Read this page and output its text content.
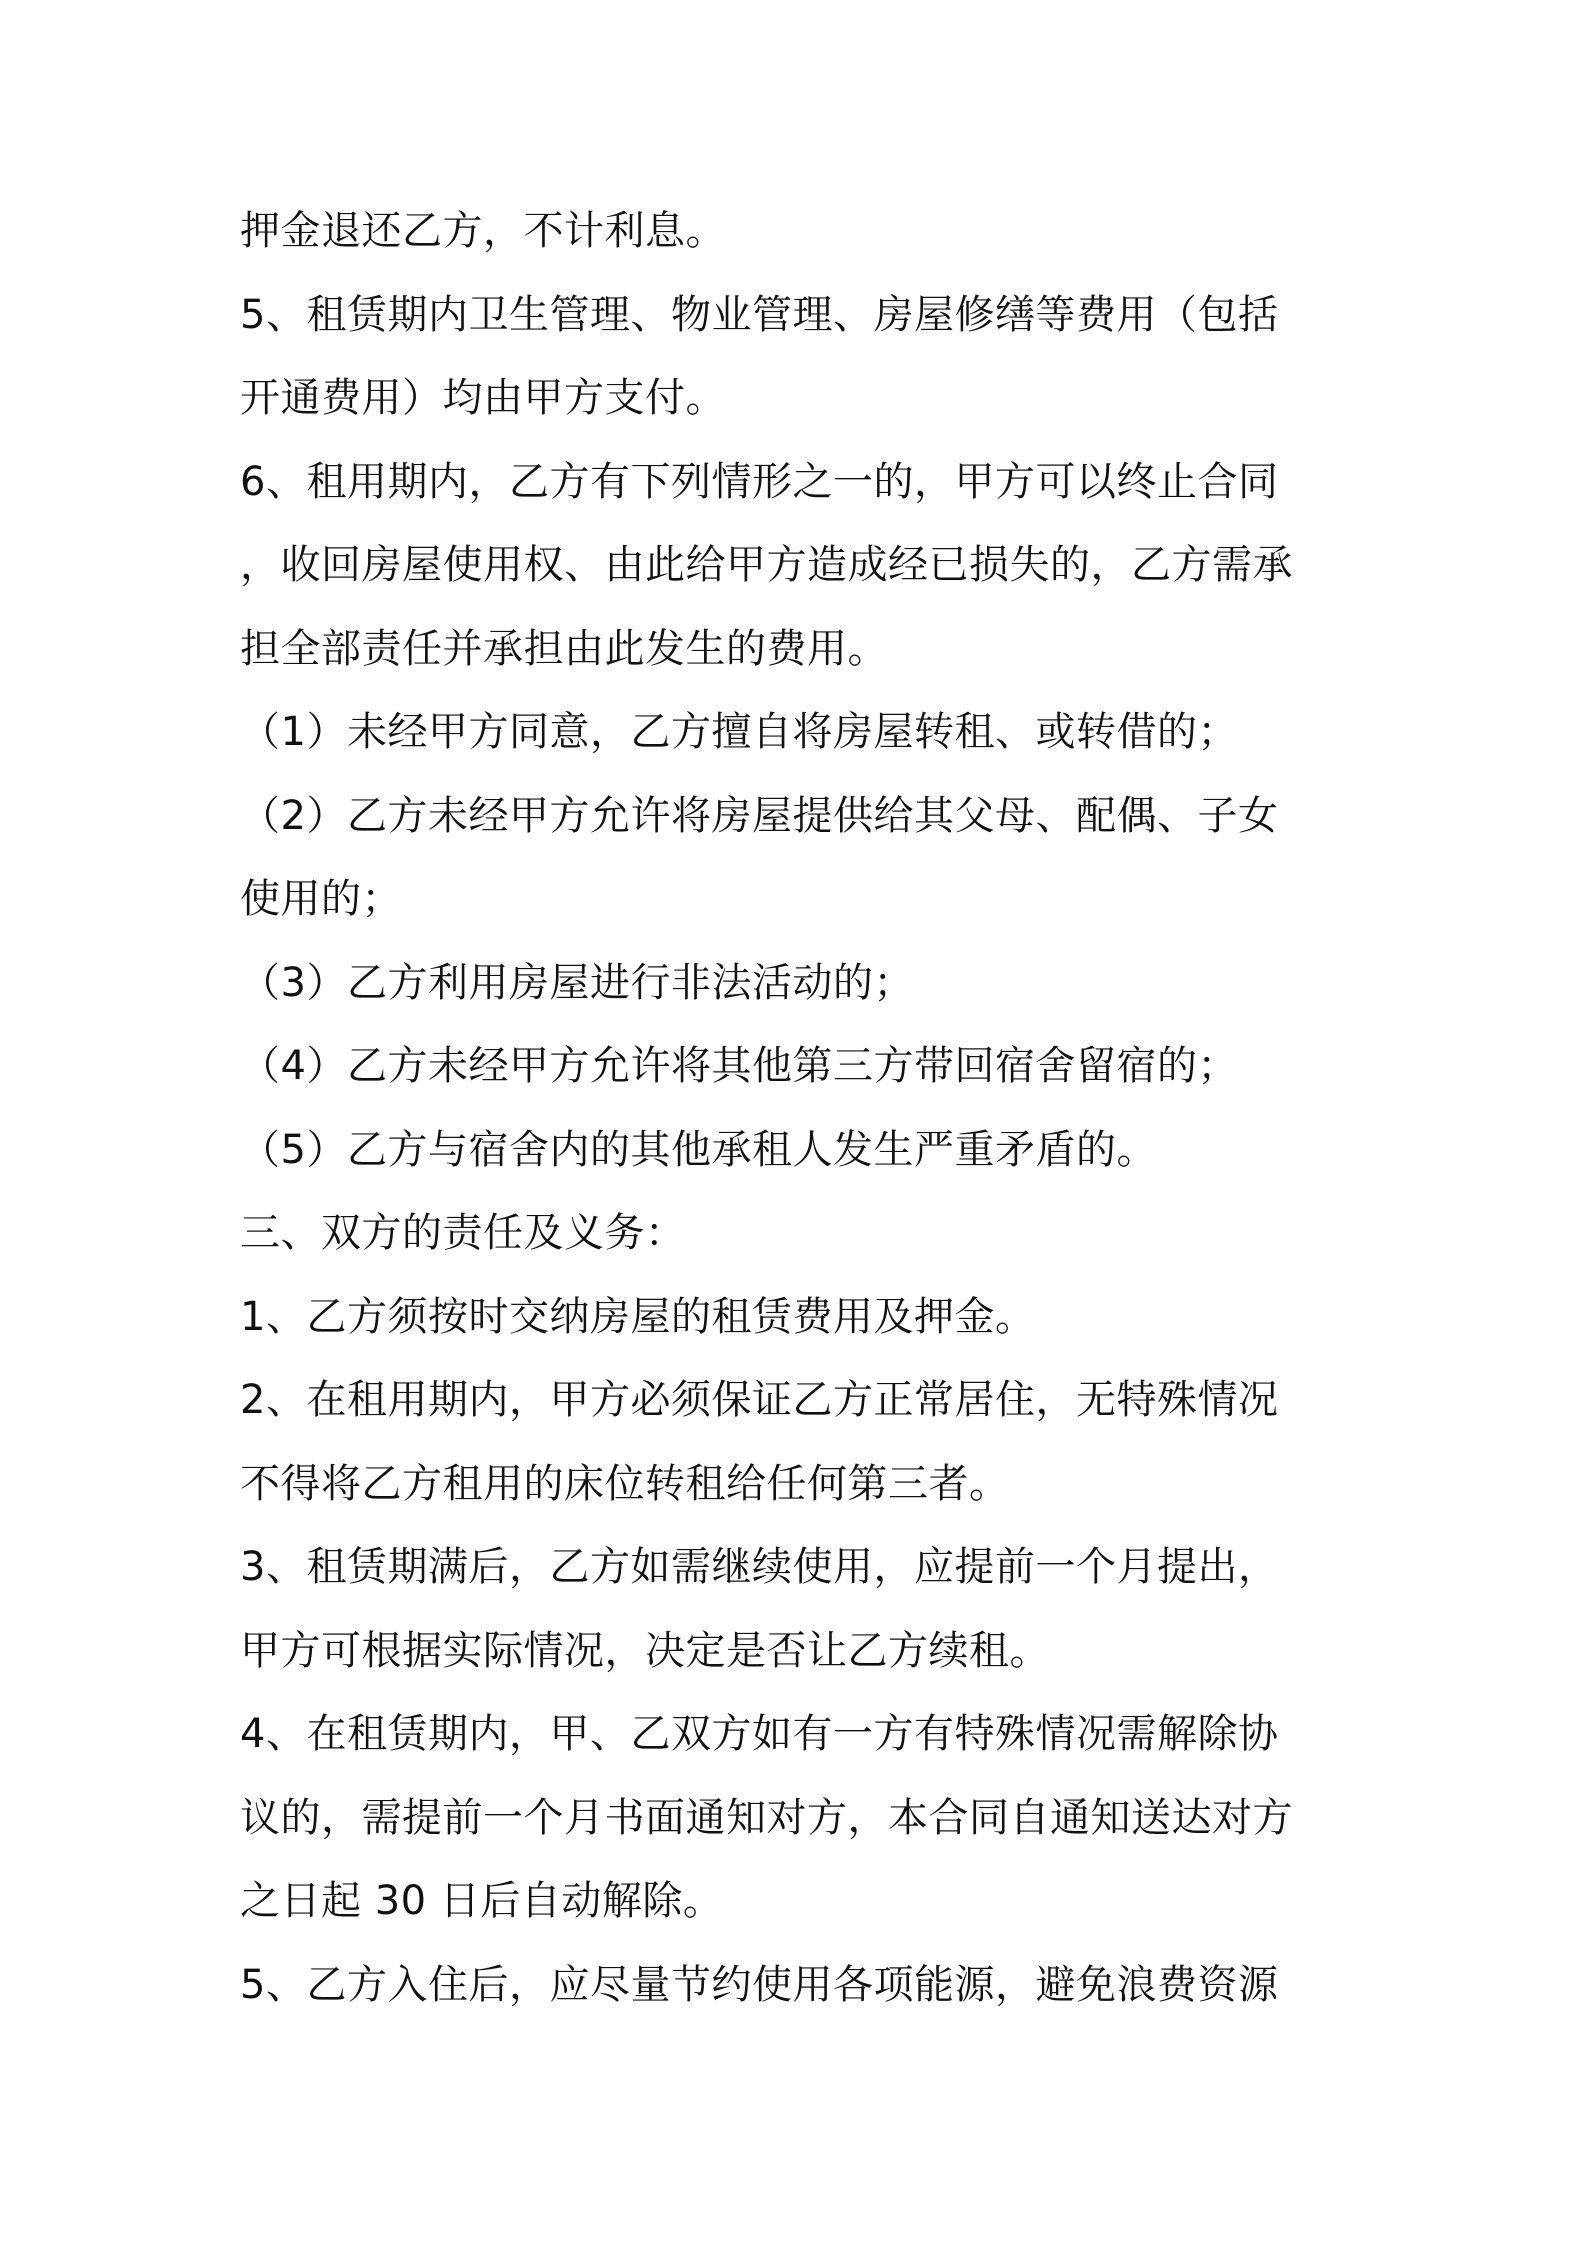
押金退还乙方，不计利息。
5、租赁期内卫生管理、物业管理、房屋修缮等费用（包括
开通费用）均由甲方支付。
6、租用期内，乙方有下列情形之一的，甲方可以终止合同
，收回房屋使用权、由此给甲方造成经已损失的，乙方需承
担全部责任并承担由此发生的费用。
（1）未经甲方同意，乙方擅自将房屋转租、或转借的；
（2）乙方未经甲方允许将房屋提供给其父母、配偶、子女
使用的；
（3）乙方利用房屋进行非法活动的；
（4）乙方未经甲方允许将其他第三方带回宿舍留宿的；
（5）乙方与宿舍内的其他承租人发生严重矛盾的。
三、双方的责任及义务：
1、乙方须按时交纳房屋的租赁费用及押金。
2、在租用期内，甲方必须保证乙方正常居住，无特殊情况
不得将乙方租用的床位转租给任何第三者。
3、租赁期满后，乙方如需继续使用，应提前一个月提出，
甲方可根据实际情况，决定是否让乙方续租。
4、在租赁期内，甲、乙双方如有一方有特殊情况需解除协
议的，需提前一个月书面通知对方，本合同自通知送达对方
之日起 30 日后自动解除。
5、乙方入住后，应尽量节约使用各项能源，避免浪费资源
